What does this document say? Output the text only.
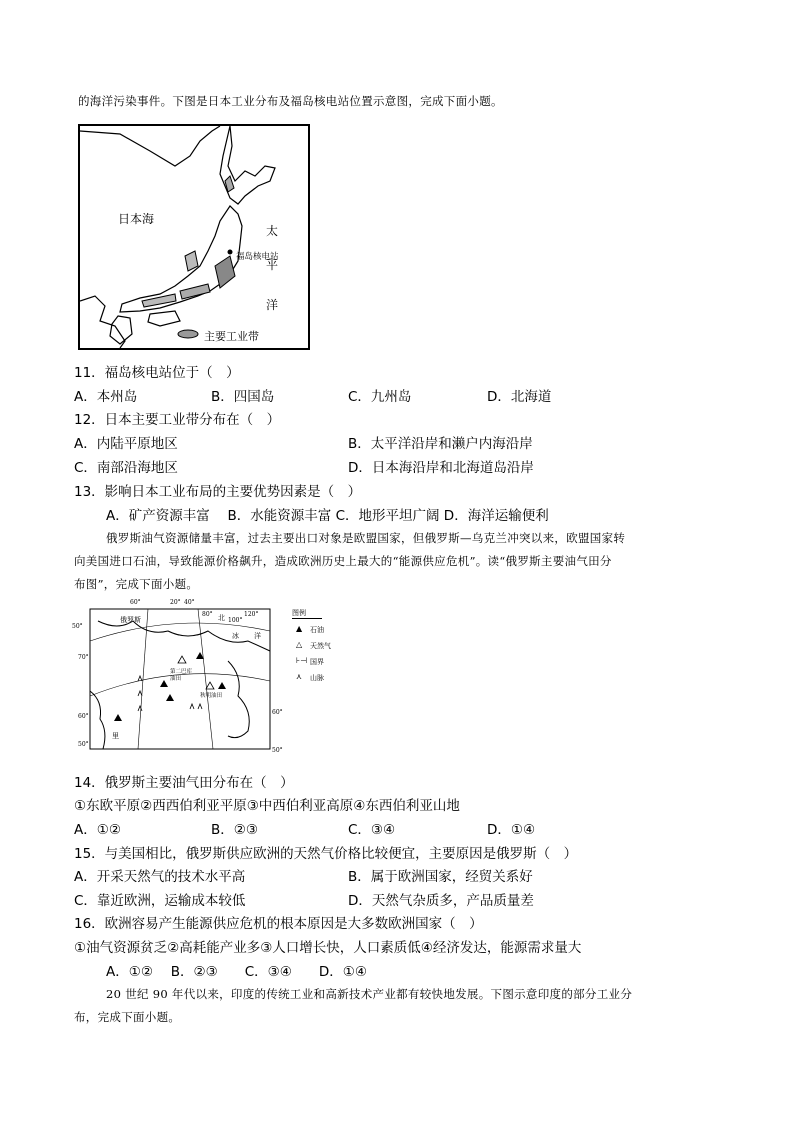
的海洋污染事件。下图是日本工业分布及福岛核电站位置示意图，完成下面小题。
日本海
太
平
洋
福岛核电站
主要工业带
11．福岛核电站位于（　）
A．本州岛	B．四国岛	C．九州岛	D．北海道
12．日本主要工业带分布在（　）
A．内陆平原地区	B．太平洋沿岸和濑户内海沿岸
C．南部沿海地区	D．日本海沿岸和北海道岛沿岸
13．影响日本工业布局的主要优势因素是（　）
A．矿产资源丰富　 B．水能资源丰富 C．地形平坦广阔 D．海洋运输便利
俄罗斯油气资源储量丰富，过去主要出口对象是欧盟国家，但俄罗斯—乌克兰冲突以来，欧盟国家转
向美国进口石油，导致能源价格飙升，造成欧洲历史上最大的“能源供应危机”。读“俄罗斯主要油气田分
布图”，完成下面小题。
60°	20° 40°
80°
100°
120°
50°
70°
60°
50°
60°
50°
北
冰 洋
俄罗斯
第二巴库油田
秋明油田
里
图例
▲ 石油
△ 天然气
⊦⊣ 国界
⋏ 山脉
14．俄罗斯主要油气田分布在（　）
①东欧平原②西西伯利亚平原③中西伯利亚高原④东西伯利亚山地
A．①②	B．②③	C．③④	D．①④
15．与美国相比，俄罗斯供应欧洲的天然气价格比较便宜，主要原因是俄罗斯（　）
A．开采天然气的技术水平高	B．属于欧洲国家，经贸关系好
C．靠近欧洲，运输成本较低	D．天然气杂质多，产品质量差
16．欧洲容易产生能源供应危机的根本原因是大多数欧洲国家（　）
①油气资源贫乏②高耗能产业多③人口增长快，人口素质低④经济发达，能源需求量大
A．①②　 B．②③　　C．③④　　D．①④
20 世纪 90 年代以来，印度的传统工业和高新技术产业都有较快地发展。下图示意印度的部分工业分
布，完成下面小题。
